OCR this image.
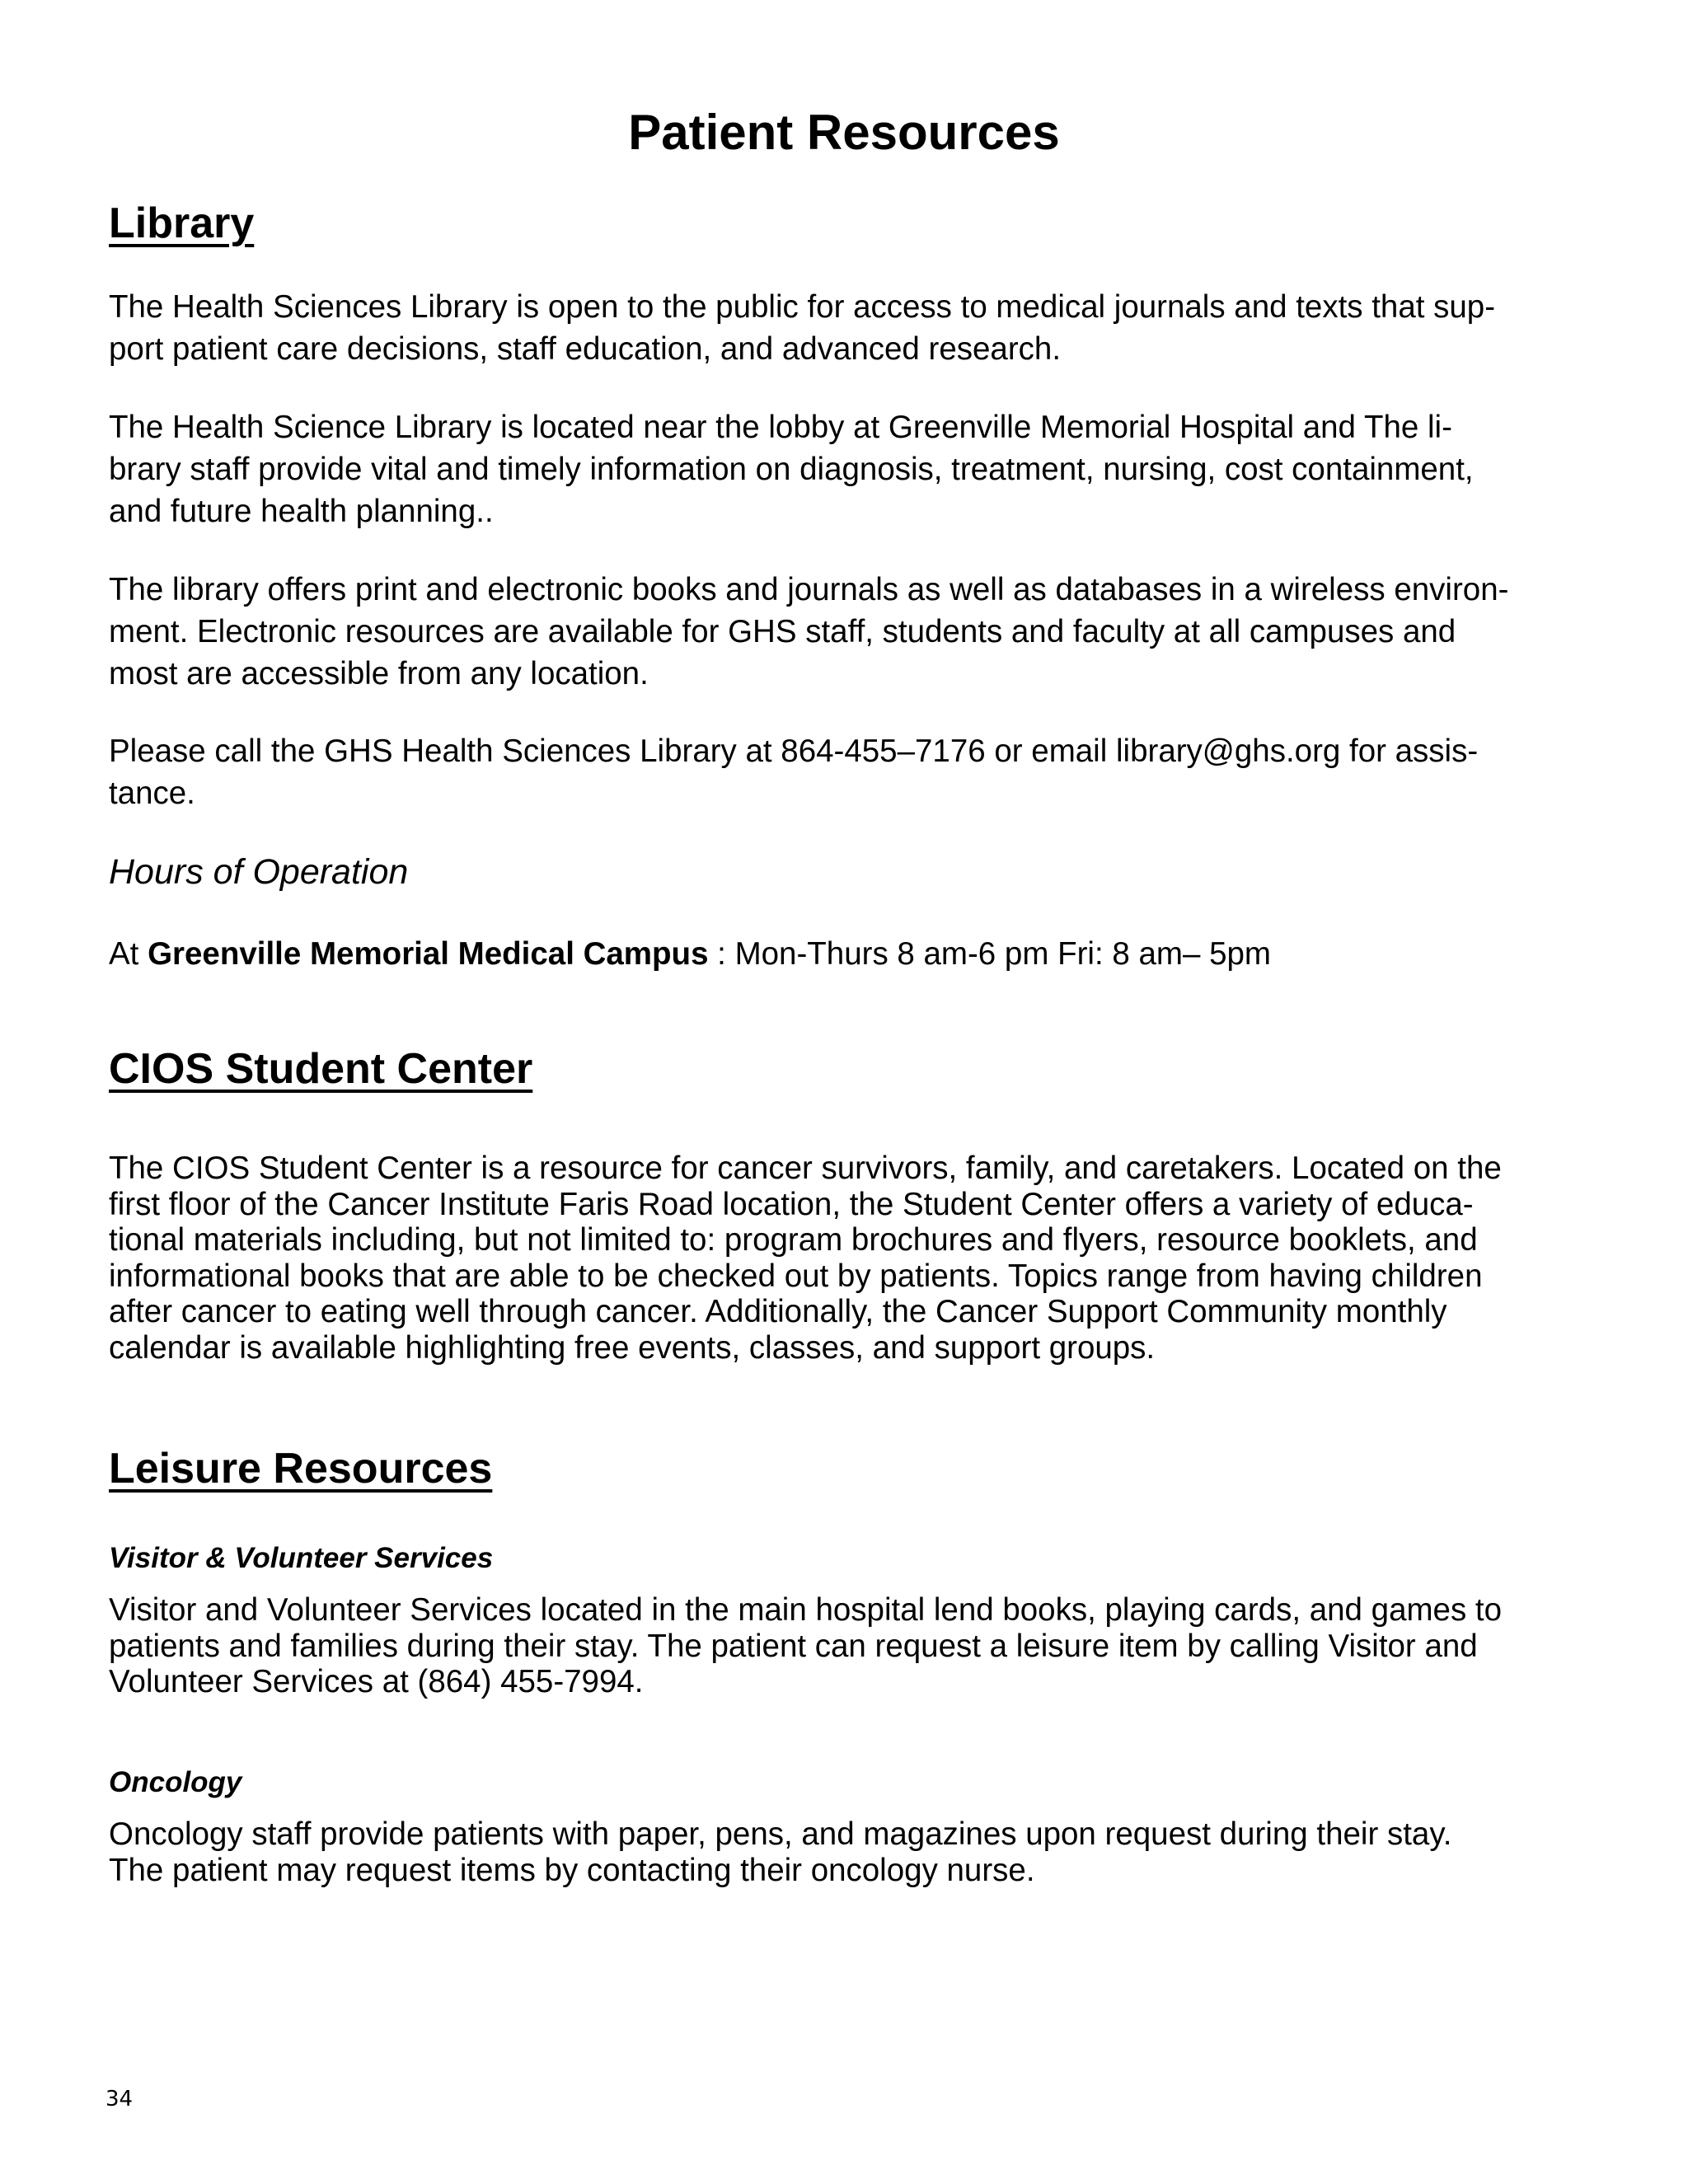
Patient Resources
Library
The Health Sciences Library is open to the public for access to medical journals and texts that sup-
port patient care decisions, staff education, and advanced research.
The Health Science Library is located near the lobby at Greenville Memorial Hospital and The li-
brary staff provide vital and timely information on diagnosis, treatment, nursing, cost containment,
and future health planning..
The library offers print and electronic books and journals as well as databases in a wireless environ-
ment. Electronic resources are available for GHS staff, students and faculty at all campuses and
most are accessible from any location.
Please call the GHS Health Sciences Library at 864-455–7176 or email library@ghs.org for assis-
tance.
Hours of Operation
At Greenville Memorial Medical Campus : Mon-Thurs 8 am-6 pm Fri: 8 am– 5pm
CIOS Student Center
The CIOS Student Center is a resource for cancer survivors, family, and caretakers. Located on the
first floor of the Cancer Institute Faris Road location, the Student Center offers a variety of educa-
tional materials including, but not limited to: program brochures and flyers, resource booklets, and
informational books that are able to be checked out by patients. Topics range from having children
after cancer to eating well through cancer. Additionally, the Cancer Support Community monthly
calendar is available highlighting free events, classes, and support groups.
Leisure Resources
Visitor & Volunteer Services
Visitor and Volunteer Services located in the main hospital lend books, playing cards, and games to
patients and families during their stay. The patient can request a leisure item by calling Visitor and
Volunteer Services at (864) 455-7994.
Oncology
Oncology staff provide patients with paper, pens, and magazines upon request during their stay.
The patient may request items by contacting their oncology nurse.
34
